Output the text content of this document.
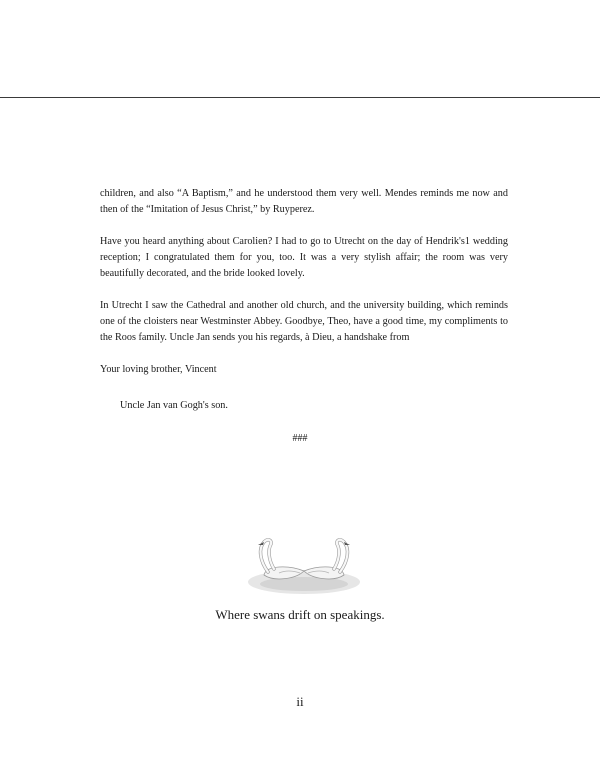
children, and also “A Baptism,” and he understood them very well. Mendes reminds me now and then of the “Imitation of Jesus Christ,” by Ruyperez.

Have you heard anything about Carolien? I had to go to Utrecht on the day of Hendrik's1 wedding reception; I congratulated them for you, too. It was a very stylish affair; the room was very beautifully decorated, and the bride looked lovely.

In Utrecht I saw the Cathedral and another old church, and the university building, which reminds one of the cloisters near Westminster Abbey. Goodbye, Theo, have a good time, my compliments to the Roos family. Uncle Jan sends you his regards, à Dieu, a handshake from

Your loving brother, Vincent

Uncle Jan van Gogh's son.

###
Where swans drift on speakings.
ii
